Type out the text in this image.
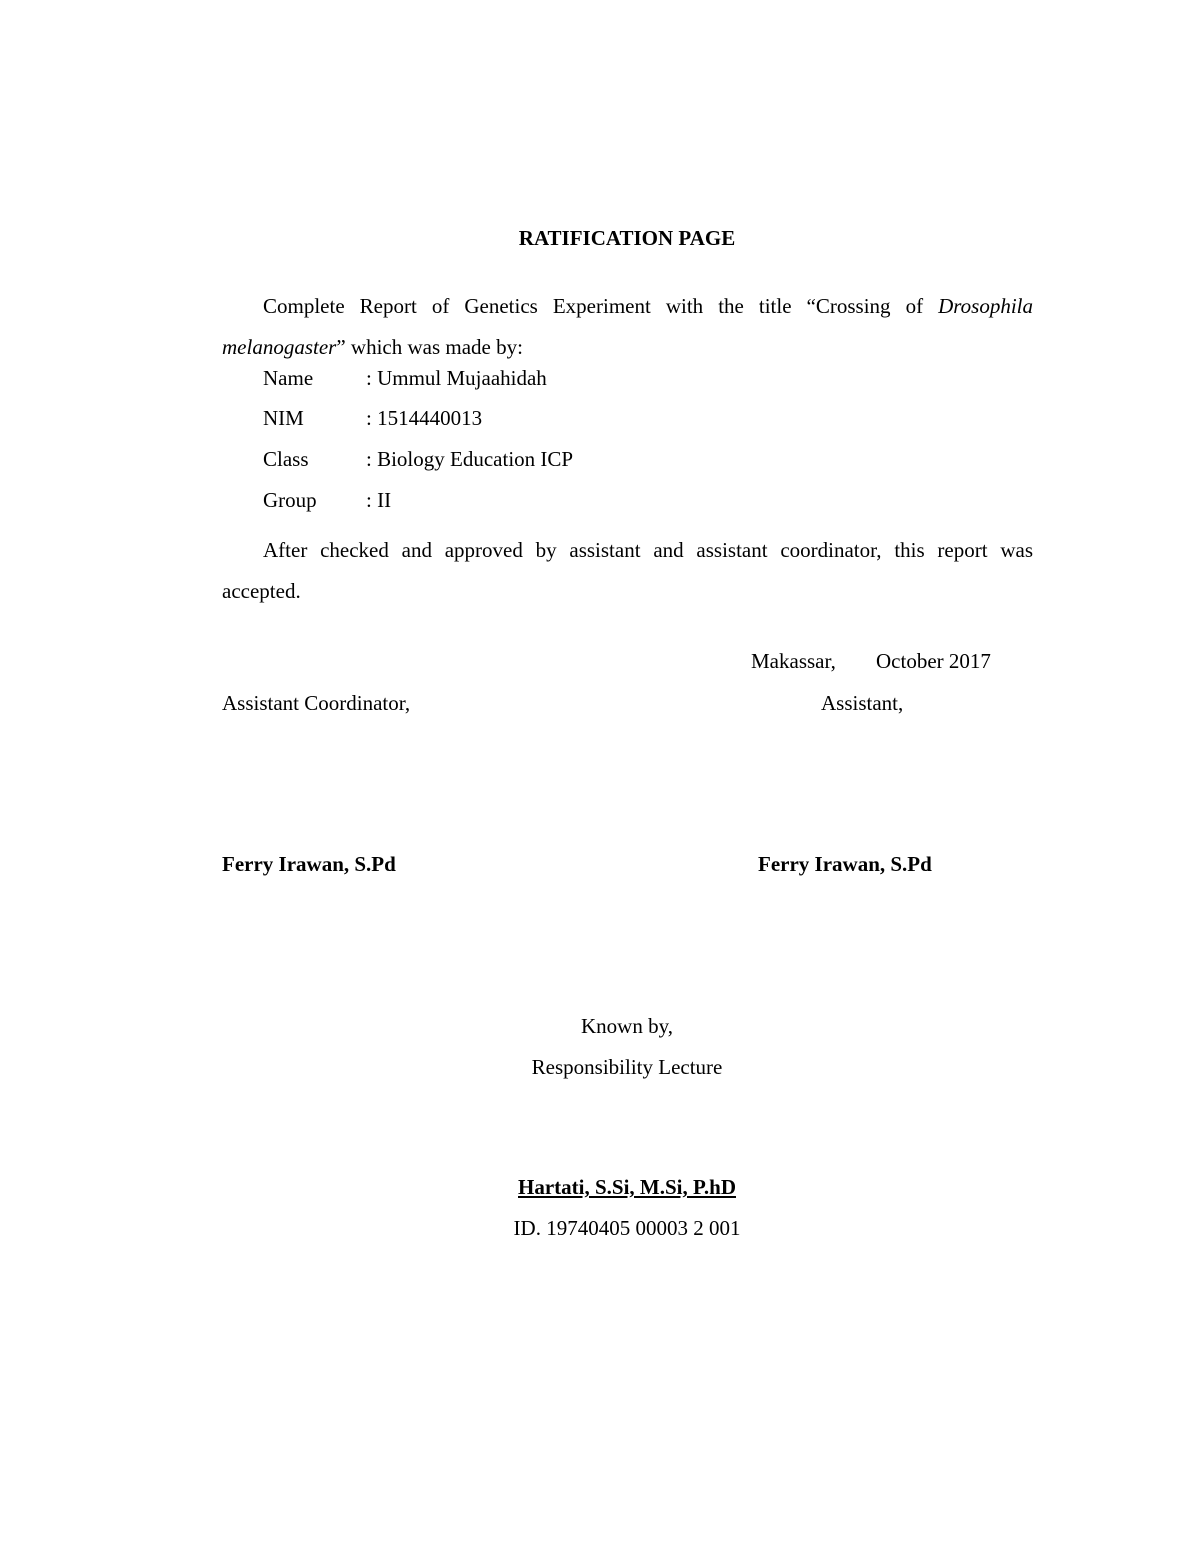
RATIFICATION PAGE

Complete Report of Genetics Experiment with the title “Crossing of Drosophila melanogaster” which was made by:

Name	: Ummul Mujaahidah
NIM	: 1514440013
Class	: Biology Education ICP
Group : II

After checked and approved by assistant and assistant coordinator, this report was accepted.

Makassar, October 2017
Assistant Coordinator,	Assistant,
Ferry Irawan, S.Pd	Ferry Irawan, S.Pd
Known by,
Responsibility Lecture
Hartati, S.Si, M.Si, P.hD
ID. 19740405 00003 2 001
